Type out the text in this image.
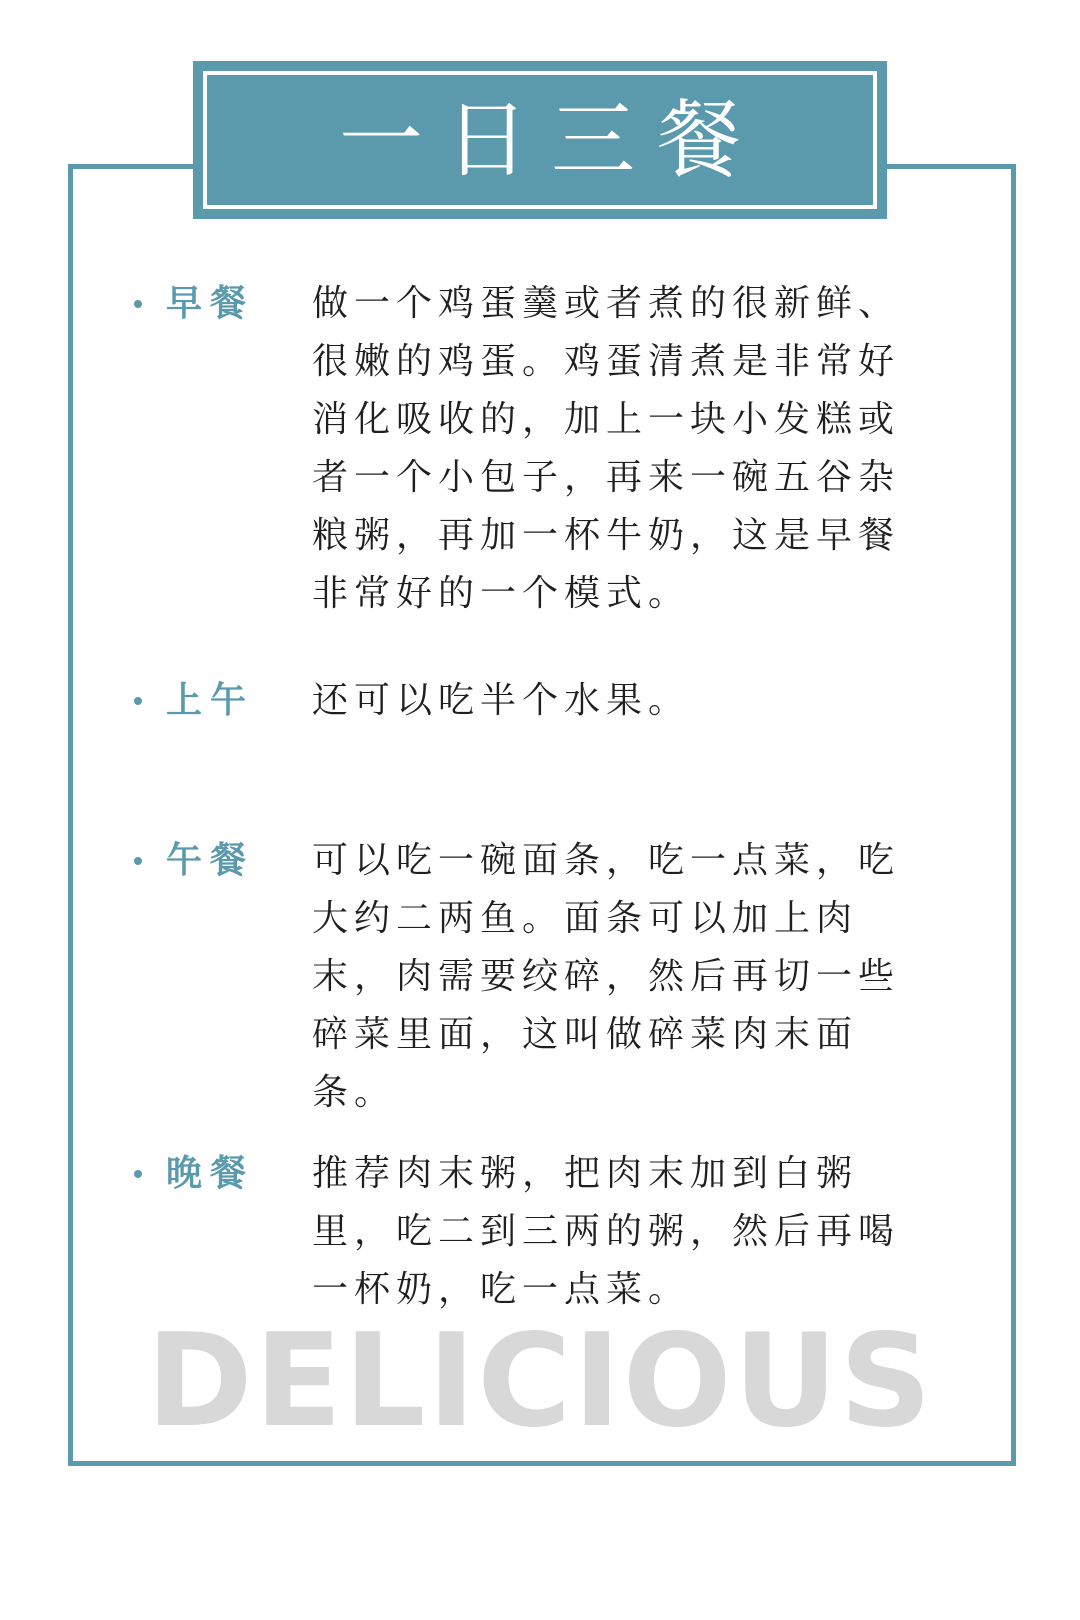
一日三餐
早餐 做一个鸡蛋羹或者煮的很新鲜、很嫩的鸡蛋。鸡蛋清煮是非常好消化吸收的，加上一块小发糕或者一个小包子，再来一碗五谷杂粮粥，再加一杯牛奶，这是早餐非常好的一个模式。

上午 还可以吃半个水果。

午餐 可以吃一碗面条，吃一点菜，吃大约二两鱼。面条可以加上肉末，肉需要绞碎，然后再切一些碎菜里面，这叫做碎菜肉末面条。

晚餐 推荐肉末粥，把肉末加到白粥里，吃二到三两的粥，然后再喝一杯奶，吃一点菜。

DELICIOUS
